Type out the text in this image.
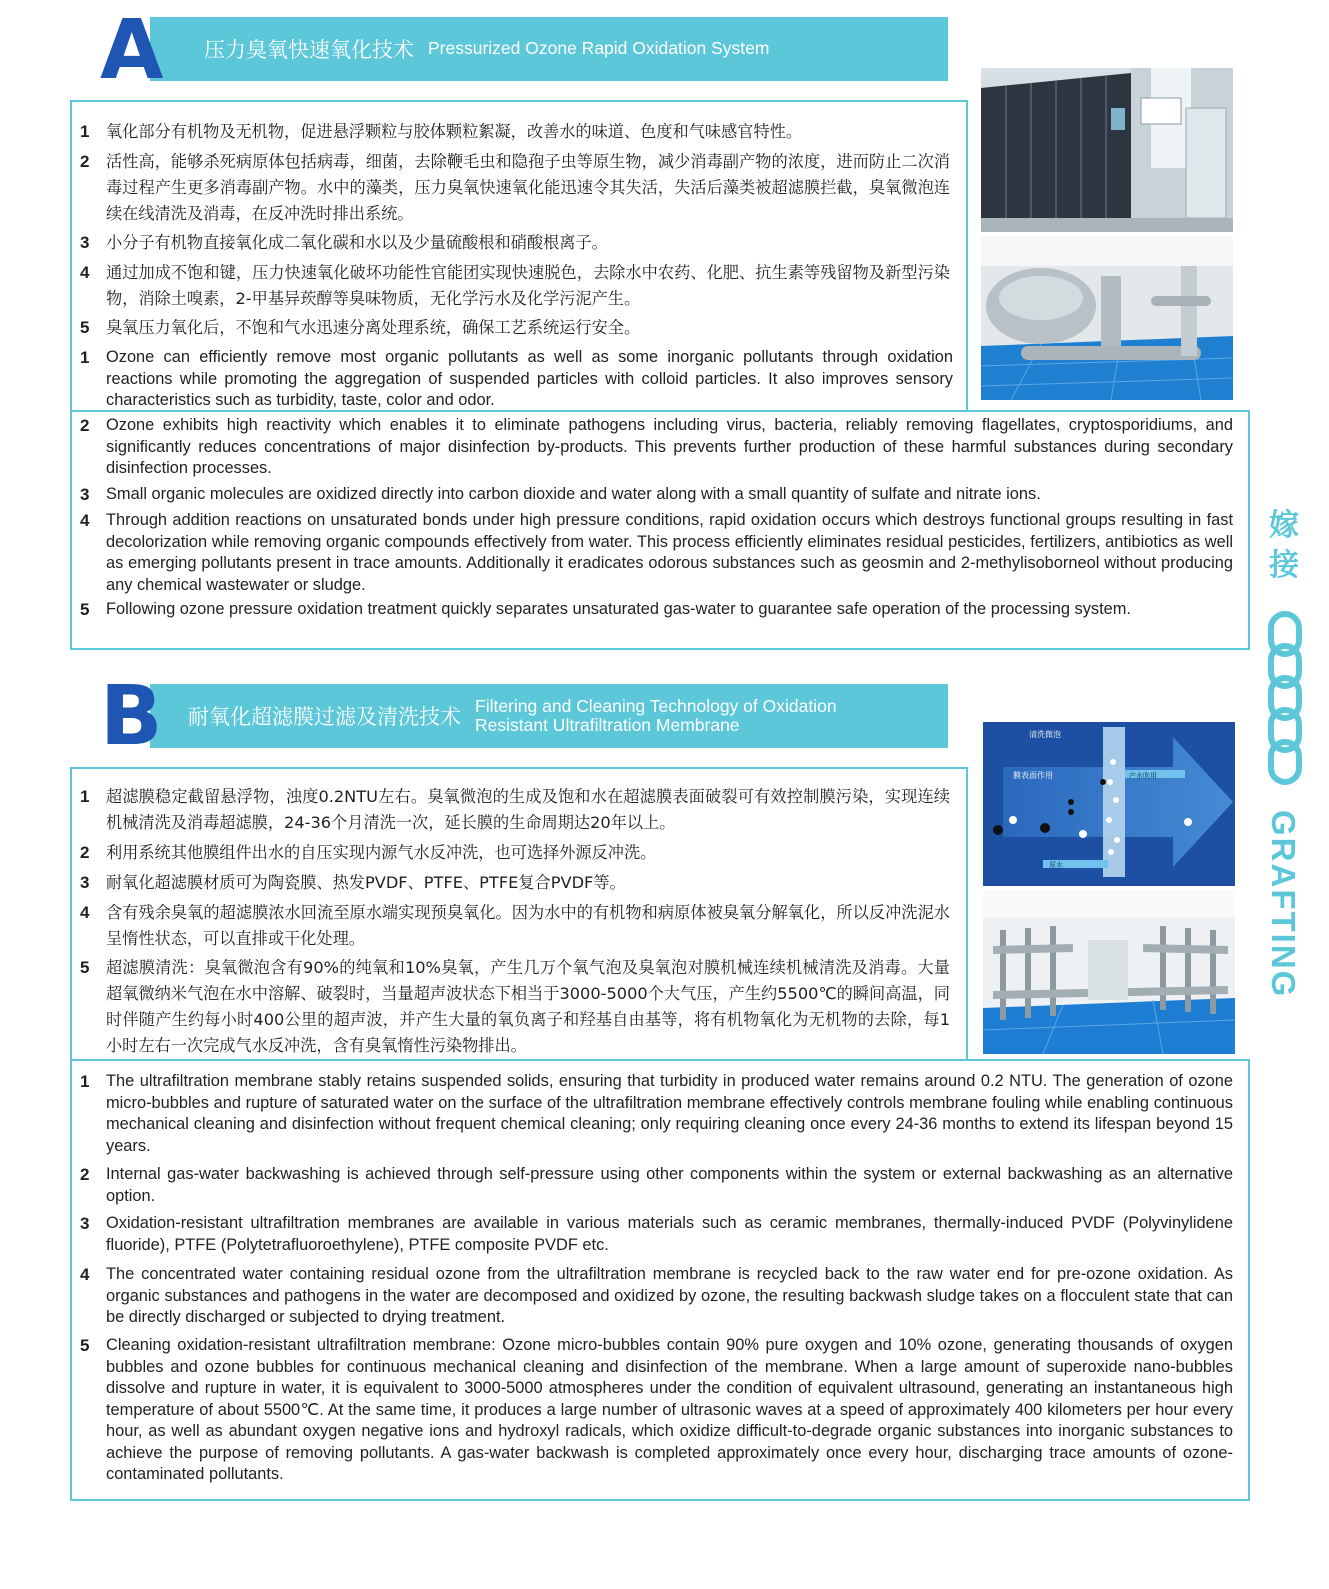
A 压力臭氧快速氧化技术 Pressurized Ozone Rapid Oxidation System
1	氧化部分有机物及无机物，促进悬浮颗粒与胶体颗粒絮凝，改善水的味道、色度和气味感官特性。
2	活性高，能够杀死病原体包括病毒，细菌，去除鞭毛虫和隐孢子虫等原生物，减少消毒副产物的浓度，进而防止二次消毒过程产生更多消毒副产物。水中的藻类，压力臭氧快速氧化能迅速令其失活，失活后藻类被超滤膜拦截，臭氧微泡连续在线清洗及消毒，在反冲洗时排出系统。
3	小分子有机物直接氧化成二氧化碳和水以及少量硫酸根和硝酸根离子。
4	通过加成不饱和键，压力快速氧化破坏功能性官能团实现快速脱色，去除水中农药、化肥、抗生素等残留物及新型污染物，消除土嗅素，2-甲基异莰醇等臭味物质，无化学污水及化学污泥产生。
5	臭氧压力氧化后，不饱和气水迅速分离处理系统，确保工艺系统运行安全。
1	Ozone can efficiently remove most organic pollutants as well as some inorganic pollutants through oxidation reactions while promoting the aggregation of suspended particles with colloid particles. It also improves sensory characteristics such as turbidity, taste, color and odor.
2	Ozone exhibits high reactivity which enables it to eliminate pathogens including virus, bacteria, reliably removing flagellates, cryptosporidiums, and significantly reduces concentrations of major disinfection by-products. This prevents further production of these harmful substances during secondary disinfection processes.
3	Small organic molecules are oxidized directly into carbon dioxide and water along with a small quantity of sulfate and nitrate ions.
4	Through addition reactions on unsaturated bonds under high pressure conditions, rapid oxidation occurs which destroys functional groups resulting in fast decolorization while removing organic compounds effectively from water. This process efficiently eliminates residual pesticides, fertilizers, antibiotics as well as emerging pollutants present in trace amounts. Additionally it eradicates odorous substances such as geosmin and 2-methylisoborneol without producing any chemical wastewater or sludge.
5	Following ozone pressure oxidation treatment quickly separates unsaturated gas-water to guarantee safe operation of the processing system.
B 耐氧化超滤膜过滤及清洗技术 Filtering and Cleaning Technology of Oxidation
Resistant Ultrafiltration Membrane
1	超滤膜稳定截留悬浮物，浊度0.2NTU左右。臭氧微泡的生成及饱和水在超滤膜表面破裂可有效控制膜污染，实现连续机械清洗及消毒超滤膜，24-36个月清洗一次，延长膜的生命周期达20年以上。
2	利用系统其他膜组件出水的自压实现内源气水反冲洗，也可选择外源反冲洗。
3	耐氧化超滤膜材质可为陶瓷膜、热发PVDF、PTFE、PTFE复合PVDF等。
4	含有残余臭氧的超滤膜浓水回流至原水端实现预臭氧化。因为水中的有机物和病原体被臭氧分解氧化，所以反冲洗泥水呈惰性状态，可以直排或干化处理。
5	超滤膜清洗：臭氧微泡含有90%的纯氧和10%臭氧，产生几万个氧气泡及臭氧泡对膜机械连续机械清洗及消毒。大量超氧微纳米气泡在水中溶解、破裂时，当量超声波状态下相当于3000-5000个大气压，产生约5500℃的瞬间高温，同时伴随产生约每小时400公里的超声波，并产生大量的氧负离子和羟基自由基等，将有机物氧化为无机物的去除，每1小时左右一次完成气水反冲洗，含有臭氧惰性污染物排出。
1	The ultrafiltration membrane stably retains suspended solids, ensuring that turbidity in produced water remains around 0.2 NTU. The generation of ozone micro-bubbles and rupture of saturated water on the surface of the ultrafiltration membrane effectively controls membrane fouling while enabling continuous mechanical cleaning and disinfection without frequent chemical cleaning; only requiring cleaning once every 24-36 months to extend its lifespan beyond 15 years.
2	Internal gas-water backwashing is achieved through self-pressure using other components within the system or external backwashing as an alternative option.
3	Oxidation-resistant ultrafiltration membranes are available in various materials such as ceramic membranes, thermally-induced PVDF (Polyvinylidene fluoride), PTFE (Polytetrafluoroethylene), PTFE composite PVDF etc.
4	The concentrated water containing residual ozone from the ultrafiltration membrane is recycled back to the raw water end for pre-ozone oxidation. As organic substances and pathogens in the water are decomposed and oxidized by ozone, the resulting backwash sludge takes on a flocculent state that can be directly discharged or subjected to drying treatment.
5	Cleaning oxidation-resistant ultrafiltration membrane: Ozone micro-bubbles contain 90% pure oxygen and 10% ozone, generating thousands of oxygen bubbles and ozone bubbles for continuous mechanical cleaning and disinfection of the membrane. When a large amount of superoxide nano-bubbles dissolve and rupture in water, it is equivalent to 3000-5000 atmospheres under the condition of equivalent ultrasound, generating an instantaneous high temperature of about 5500℃. At the same time, it produces a large number of ultrasonic waves at a speed of approximately 400 kilometers per hour every hour, as well as abundant oxygen negative ions and hydroxyl radicals, which oxidize difficult-to-degrade organic substances into inorganic substances to achieve the purpose of removing pollutants. A gas-water backwash is completed approximately once every hour, discharging trace amounts of ozone-contaminated pollutants.
清洗微泡
产水吹用
膜表面作用
原水
嫁
接
GRAFTING
